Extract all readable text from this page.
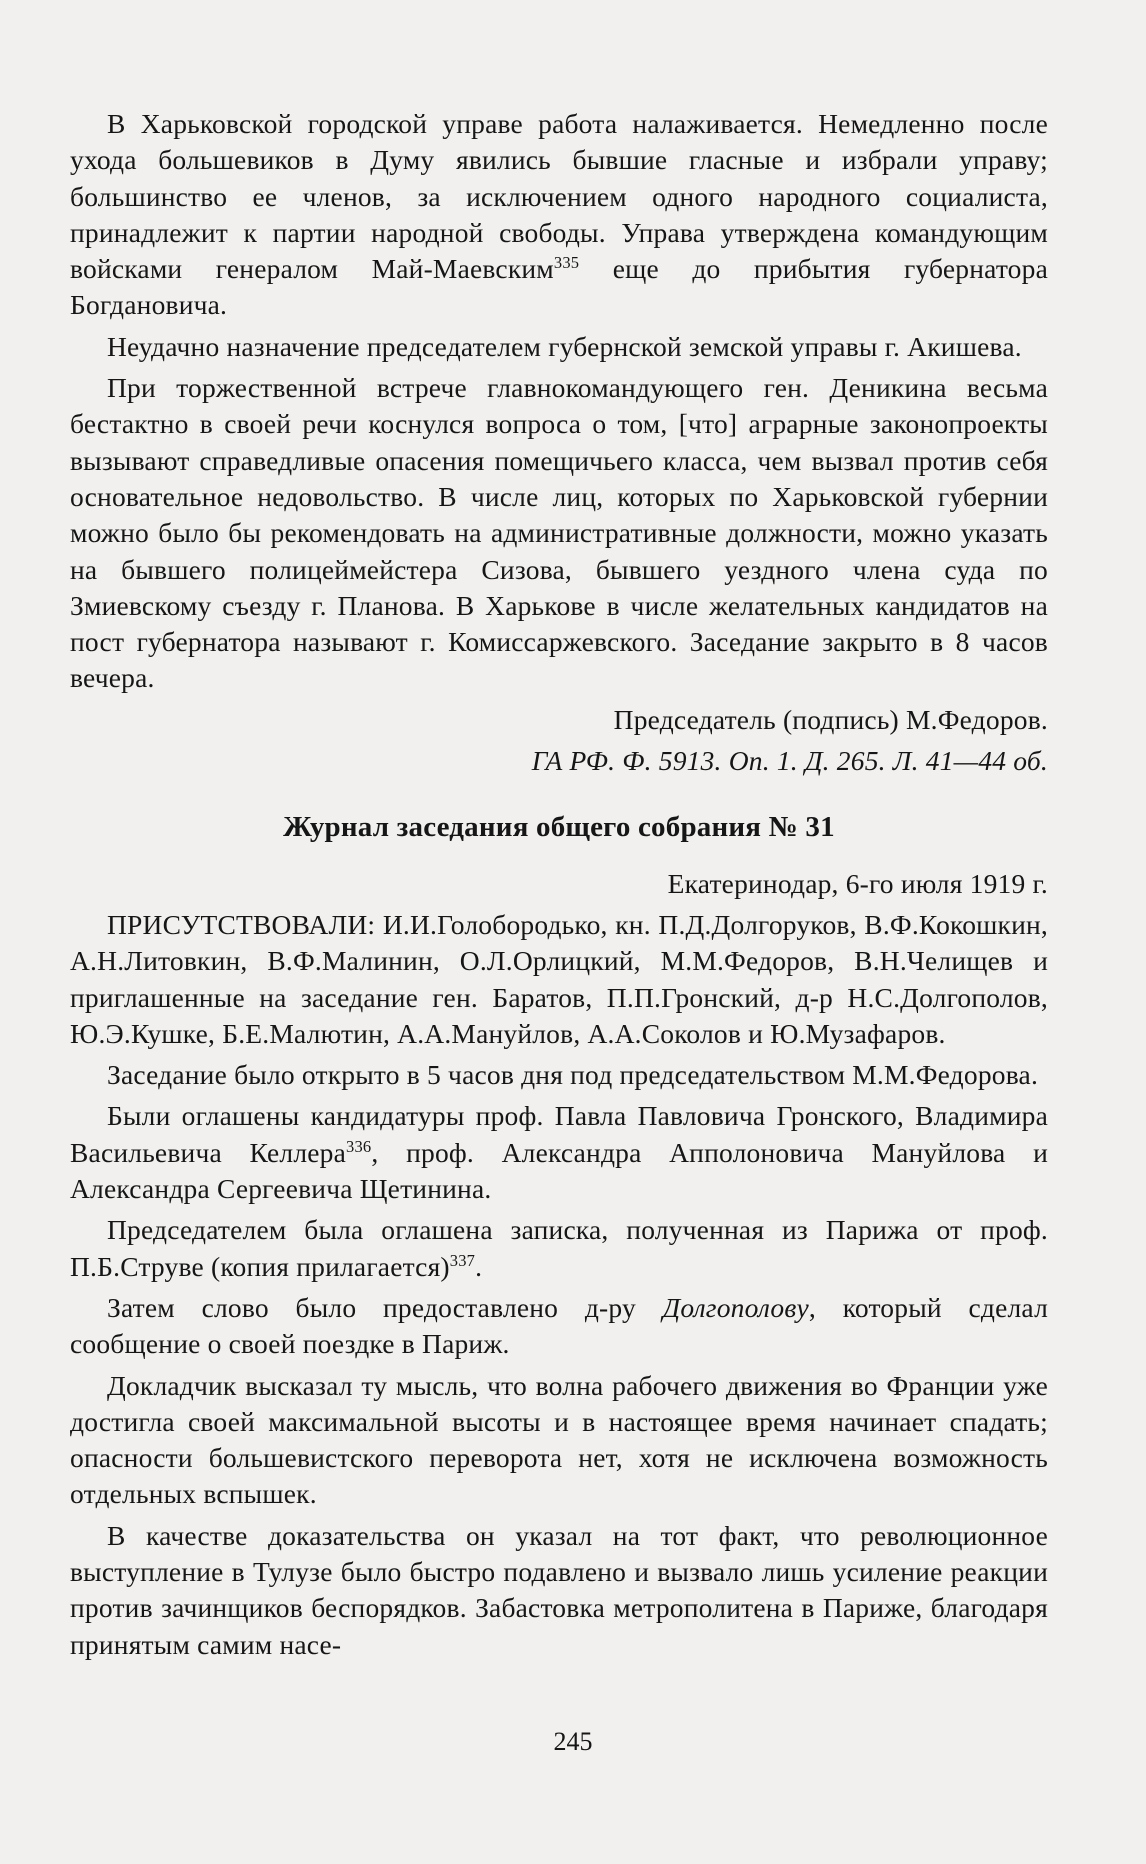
В Харьковской городской управе работа налаживается. Немедленно после ухода большевиков в Думу явились бывшие гласные и избрали управу; большинство ее членов, за исключением одного народного социалиста, принадлежит к партии народной свободы. Управа утверждена командующим войсками генералом Май-Маевским$^{335}$ еще до прибытия губернатора Богдановича.

Неудачно назначение председателем губернской земской управы г. Акишева.

При торжественной встрече главнокомандующего ген. Деникина весьма бестактно в своей речи коснулся вопроса о том, [что] аграрные законопроекты вызывают справедливые опасения помещичьего класса, чем вызвал против себя основательное недовольство. В числе лиц, которых по Харьковской губернии можно было бы рекомендовать на административные должности, можно указать на бывшего полицеймейстера Сизова, бывшего уездного члена суда по Змиевскому съезду г. Планова. В Харькове в числе желательных кандидатов на пост губернатора называют г. Комиссаржевского. Заседание закрыто в 8 часов вечера.

Председатель (подпись) М.Федоров.

ГА РФ. Ф. 5913. Оп. 1. Д. 265. Л. 41—44 об.

Журнал заседания общего собрания № 31

Екатеринодар, 6-го июля 1919 г.

ПРИСУТСТВОВАЛИ: И.И.Голобородько, кн. П.Д.Долгоруков, В.Ф.Кокошкин, А.Н.Литовкин, В.Ф.Малинин, О.Л.Орлицкий, М.М.Федоров, В.Н.Челищев и приглашенные на заседание ген. Баратов, П.П.Гронский, д-р Н.С.Долгополов, Ю.Э.Кушке, Б.Е.Малютин, А.А.Мануйлов, А.А.Соколов и Ю.Музафаров.

Заседание было открыто в 5 часов дня под председательством М.М.Федорова.

Были оглашены кандидатуры проф. Павла Павловича Гронского, Владимира Васильевича Келлера$^{336}$, проф. Александра Апполоновича Мануйлова и Александра Сергеевича Щетинина.

Председателем была оглашена записка, полученная из Парижа от проф. П.Б.Струве (копия прилагается)$^{337}$.

Затем слово было предоставлено д-ру Долгополову, который сделал сообщение о своей поездке в Париж.

Докладчик высказал ту мысль, что волна рабочего движения во Франции уже достигла своей максимальной высоты и в настоящее время начинает спадать; опасности большевистского переворота нет, хотя не исключена возможность отдельных вспышек.

В качестве доказательства он указал на тот факт, что революционное выступление в Тулузе было быстро подавлено и вызвало лишь усиление реакции против зачинщиков беспорядков. Забастовка метрополитена в Париже, благодаря принятым самим насе-

245
